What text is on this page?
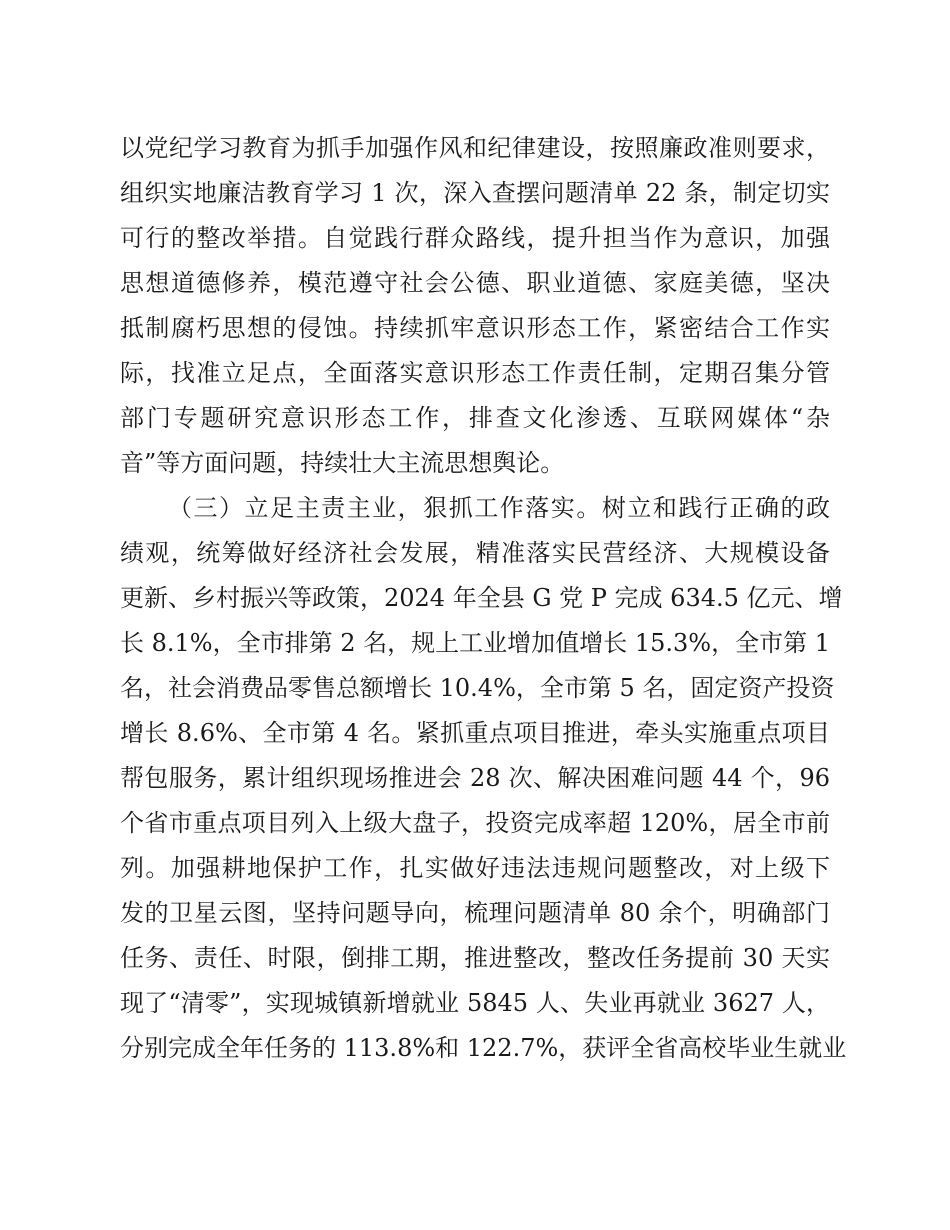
以党纪学习教育为抓手加强作风和纪律建设，按照廉政准则要求，
组织实地廉洁教育学习 1 次，深入查摆问题清单 22 条，制定切实
可行的整改举措。自觉践行群众路线，提升担当作为意识，加强
思想道德修养，模范遵守社会公德、职业道德、家庭美德，坚决
抵制腐朽思想的侵蚀。持续抓牢意识形态工作，紧密结合工作实
际，找准立足点，全面落实意识形态工作责任制，定期召集分管
部门专题研究意识形态工作，排查文化渗透、互联网媒体“杂
音”等方面问题，持续壮大主流思想舆论。
（三）立足主责主业，狠抓工作落实。树立和践行正确的政
绩观，统筹做好经济社会发展，精准落实民营经济、大规模设备
更新、乡村振兴等政策，2024 年全县 G 党 P 完成 634.5 亿元、增
长 8.1%，全市排第 2 名，规上工业增加值增长 15.3%，全市第 1
名，社会消费品零售总额增长 10.4%，全市第 5 名，固定资产投资
增长 8.6%、全市第 4 名。紧抓重点项目推进，牵头实施重点项目
帮包服务，累计组织现场推进会 28 次、解决困难问题 44 个，96
个省市重点项目列入上级大盘子，投资完成率超 120%，居全市前
列。加强耕地保护工作，扎实做好违法违规问题整改，对上级下
发的卫星云图，坚持问题导向，梳理问题清单 80 余个，明确部门
任务、责任、时限，倒排工期，推进整改，整改任务提前 30 天实
现了“清零”，实现城镇新增就业 5845 人、失业再就业 3627 人，
分别完成全年任务的 113.8%和 122.7%，获评全省高校毕业生就业
